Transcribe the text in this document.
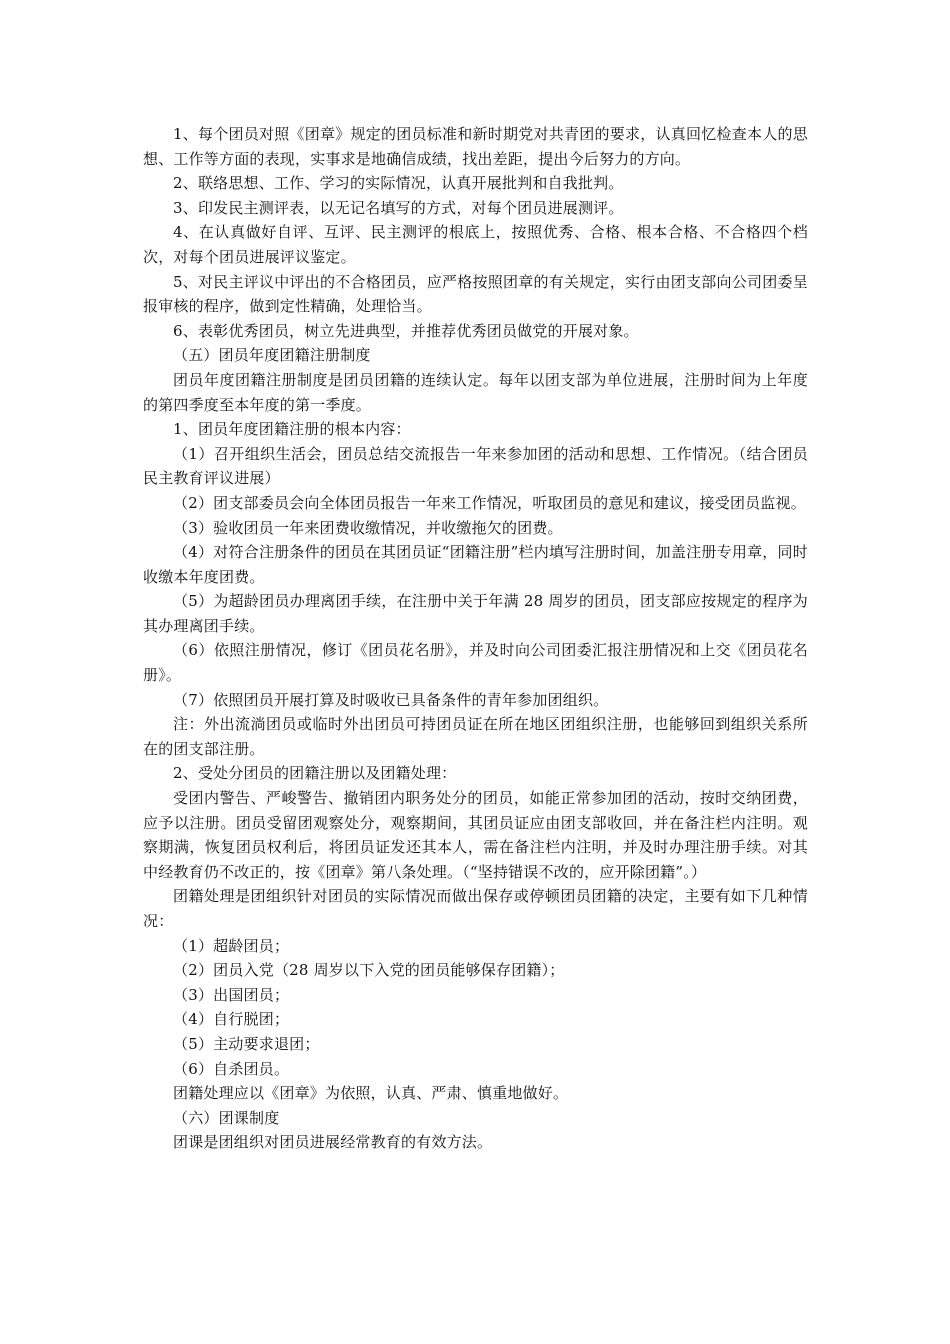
1、每个团员对照《团章》规定的团员标准和新时期党对共青团的要求，认真回忆检查本人的思想、工作等方面的表现，实事求是地确信成绩，找出差距，提出今后努力的方向。

2、联络思想、工作、学习的实际情况，认真开展批判和自我批判。

3、印发民主测评表，以无记名填写的方式，对每个团员进展测评。

4、在认真做好自评、互评、民主测评的根底上，按照优秀、合格、根本合格、不合格四个档次，对每个团员进展评议鉴定。

5、对民主评议中评出的不合格团员，应严格按照团章的有关规定，实行由团支部向公司团委呈报审核的程序，做到定性精确，处理恰当。

6、表彰优秀团员，树立先进典型，并推荐优秀团员做党的开展对象。

（五）团员年度团籍注册制度

团员年度团籍注册制度是团员团籍的连续认定。每年以团支部为单位进展，注册时间为上年度的第四季度至本年度的第一季度。

1、团员年度团籍注册的根本内容：

（1）召开组织生活会，团员总结交流报告一年来参加团的活动和思想、工作情况。（结合团员民主教育评议进展）

（2）团支部委员会向全体团员报告一年来工作情况，听取团员的意见和建议，接受团员监视。

（3）验收团员一年来团费收缴情况，并收缴拖欠的团费。

（4）对符合注册条件的团员在其团员证“团籍注册”栏内填写注册时间，加盖注册专用章，同时收缴本年度团费。

（5）为超龄团员办理离团手续，在注册中关于年满 28 周岁的团员，团支部应按规定的程序为其办理离团手续。

（6）依照注册情况，修订《团员花名册》，并及时向公司团委汇报注册情况和上交《团员花名册》。

（7）依照团员开展打算及时吸收已具备条件的青年参加团组织。

注：外出流淌团员或临时外出团员可持团员证在所在地区团组织注册，也能够回到组织关系所在的团支部注册。

2、受处分团员的团籍注册以及团籍处理：

受团内警告、严峻警告、撤销团内职务处分的团员，如能正常参加团的活动，按时交纳团费，应予以注册。团员受留团观察处分，观察期间，其团员证应由团支部收回，并在备注栏内注明。观察期满，恢复团员权利后，将团员证发还其本人，需在备注栏内注明，并及时办理注册手续。对其中经教育仍不改正的，按《团章》第八条处理。（“坚持错误不改的，应开除团籍”。）

团籍处理是团组织针对团员的实际情况而做出保存或停顿团员团籍的决定，主要有如下几种情况：

（1）超龄团员；

（2）团员入党（28 周岁以下入党的团员能够保存团籍）；

（3）出国团员；

（4）自行脱团；

（5）主动要求退团；

（6）自杀团员。

团籍处理应以《团章》为依照，认真、严肃、慎重地做好。

（六）团课制度

团课是团组织对团员进展经常教育的有效方法。
